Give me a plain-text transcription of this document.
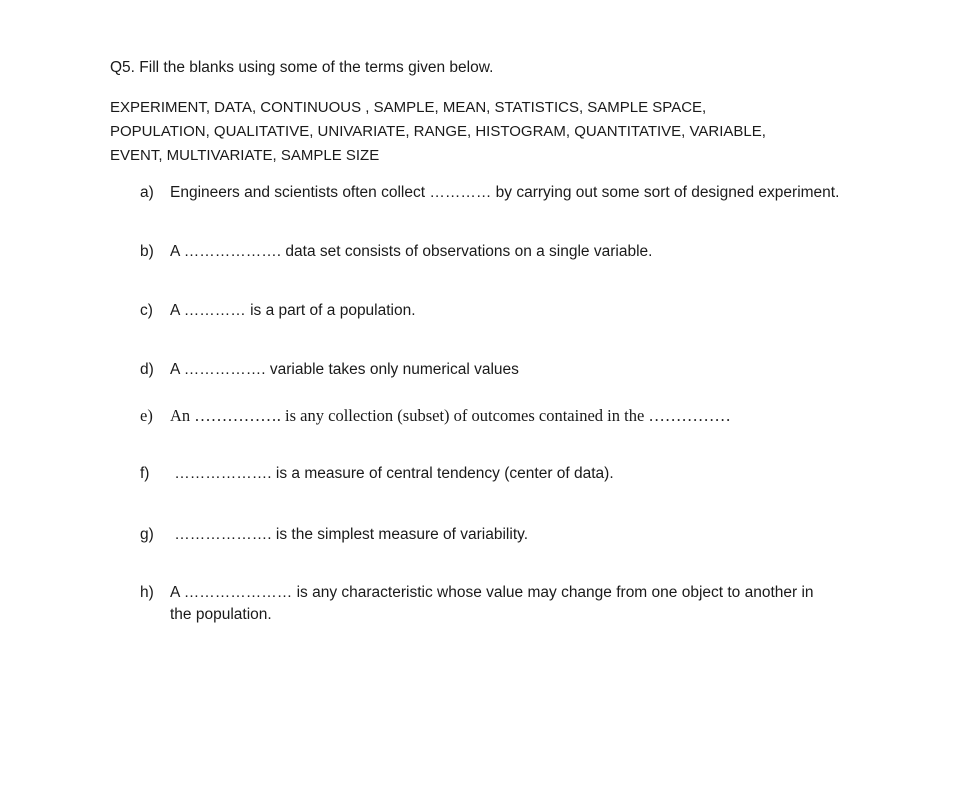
Q5. Fill the blanks using some of the terms given below.
EXPERIMENT, DATA, CONTINUOUS , SAMPLE, MEAN, STATISTICS, SAMPLE SPACE,
POPULATION, QUALITATIVE, UNIVARIATE, RANGE, HISTOGRAM, QUANTITATIVE, VARIABLE,
EVENT, MULTIVARIATE, SAMPLE SIZE
a) Engineers and scientists often collect ………… by carrying out some sort of designed experiment.
b) A ………………. data set consists of observations on a single variable.
c) A ………… is a part of a population.
d) A ……………. variable takes only numerical values
e) An ……………. is any collection (subset) of outcomes contained in the ……………
f) ………………. is a measure of central tendency (center of data).
g) ………………. is the simplest measure of variability.
h) A ………………… is any characteristic whose value may change from one object to another in
the population.
